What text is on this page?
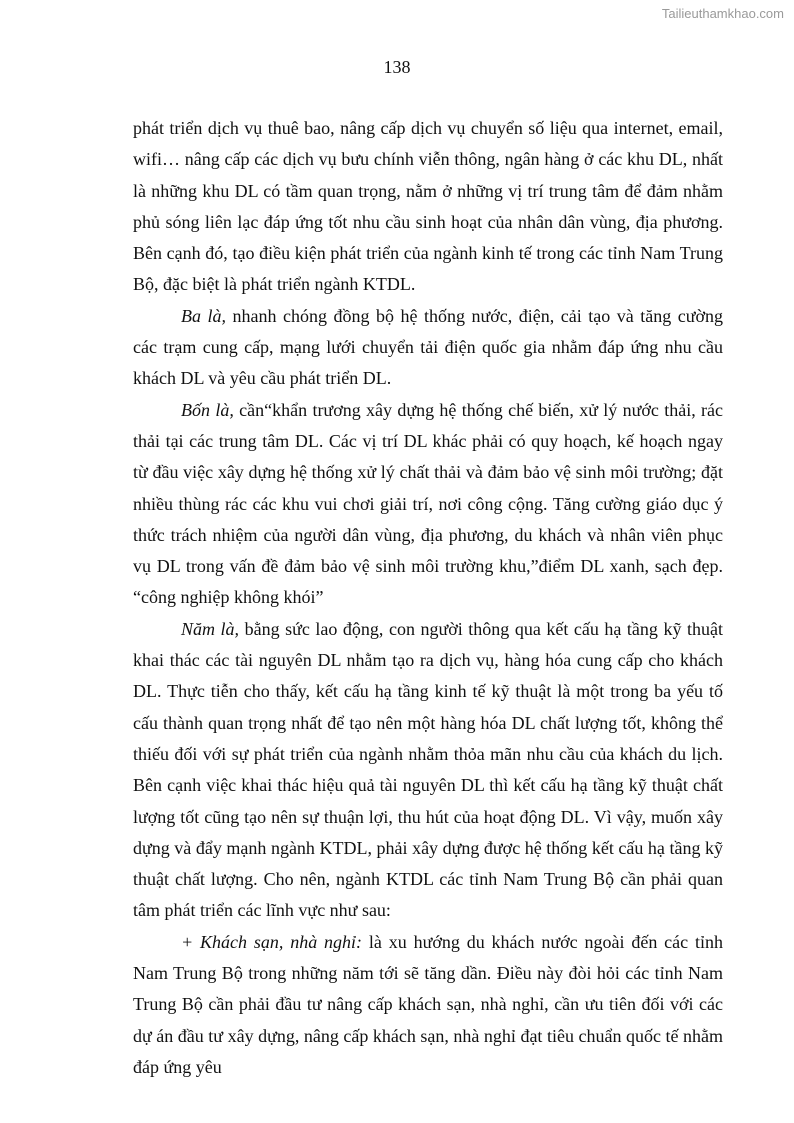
Tailieuthamkhao.com
138

phát triển dịch vụ thuê bao, nâng cấp dịch vụ chuyển số liệu qua internet, email, wifi… nâng cấp các dịch vụ bưu chính viễn thông, ngân hàng ở các khu DL, nhất là những khu DL có tầm quan trọng, nằm ở những vị trí trung tâm để đảm nhằm phủ sóng liên lạc đáp ứng tốt nhu cầu sinh hoạt của nhân dân vùng, địa phương. Bên cạnh đó, tạo điều kiện phát triển của ngành kinh tế trong các tỉnh Nam Trung Bộ, đặc biệt là phát triển ngành KTDL.

Ba là, nhanh chóng đồng bộ hệ thống nước, điện, cải tạo và tăng cường các trạm cung cấp, mạng lưới chuyển tải điện quốc gia nhằm đáp ứng nhu cầu khách DL và yêu cầu phát triển DL.

Bốn là, cần“khẩn trương xây dựng hệ thống chế biến, xử lý nước thải, rác thải tại các trung tâm DL. Các vị trí DL khác phải có quy hoạch, kế hoạch ngay từ đầu việc xây dựng hệ thống xử lý chất thải và đảm bảo vệ sinh môi trường; đặt nhiều thùng rác các khu vui chơi giải trí, nơi công cộng. Tăng cường giáo dục ý thức trách nhiệm của người dân vùng, địa phương, du khách và nhân viên phục vụ DL trong vấn đề đảm bảo vệ sinh môi trường khu,”điểm DL xanh, sạch đẹp. “công nghiệp không khói”

Năm là, bằng sức lao động, con người thông qua kết cấu hạ tầng kỹ thuật khai thác các tài nguyên DL nhằm tạo ra dịch vụ, hàng hóa cung cấp cho khách DL. Thực tiễn cho thấy, kết cấu hạ tầng kinh tế kỹ thuật là một trong ba yếu tố cấu thành quan trọng nhất để tạo nên một hàng hóa DL chất lượng tốt, không thể thiếu đối với sự phát triển của ngành nhằm thỏa mãn nhu cầu của khách du lịch. Bên cạnh việc khai thác hiệu quả tài nguyên DL thì kết cấu hạ tầng kỹ thuật chất lượng tốt cũng tạo nên sự thuận lợi, thu hút của hoạt động DL. Vì vậy, muốn xây dựng và đẩy mạnh ngành KTDL, phải xây dựng được hệ thống kết cấu hạ tầng kỹ thuật chất lượng. Cho nên, ngành KTDL các tỉnh Nam Trung Bộ cần phải quan tâm phát triển các lĩnh vực như sau:

+ Khách sạn, nhà nghỉ: là xu hướng du khách nước ngoài đến các tỉnh Nam Trung Bộ trong những năm tới sẽ tăng dần. Điều này đòi hỏi các tỉnh Nam Trung Bộ cần phải đầu tư nâng cấp khách sạn, nhà nghỉ, cần ưu tiên đối với các dự án đầu tư xây dựng, nâng cấp khách sạn, nhà nghỉ đạt tiêu chuẩn quốc tế nhằm đáp ứng yêu
